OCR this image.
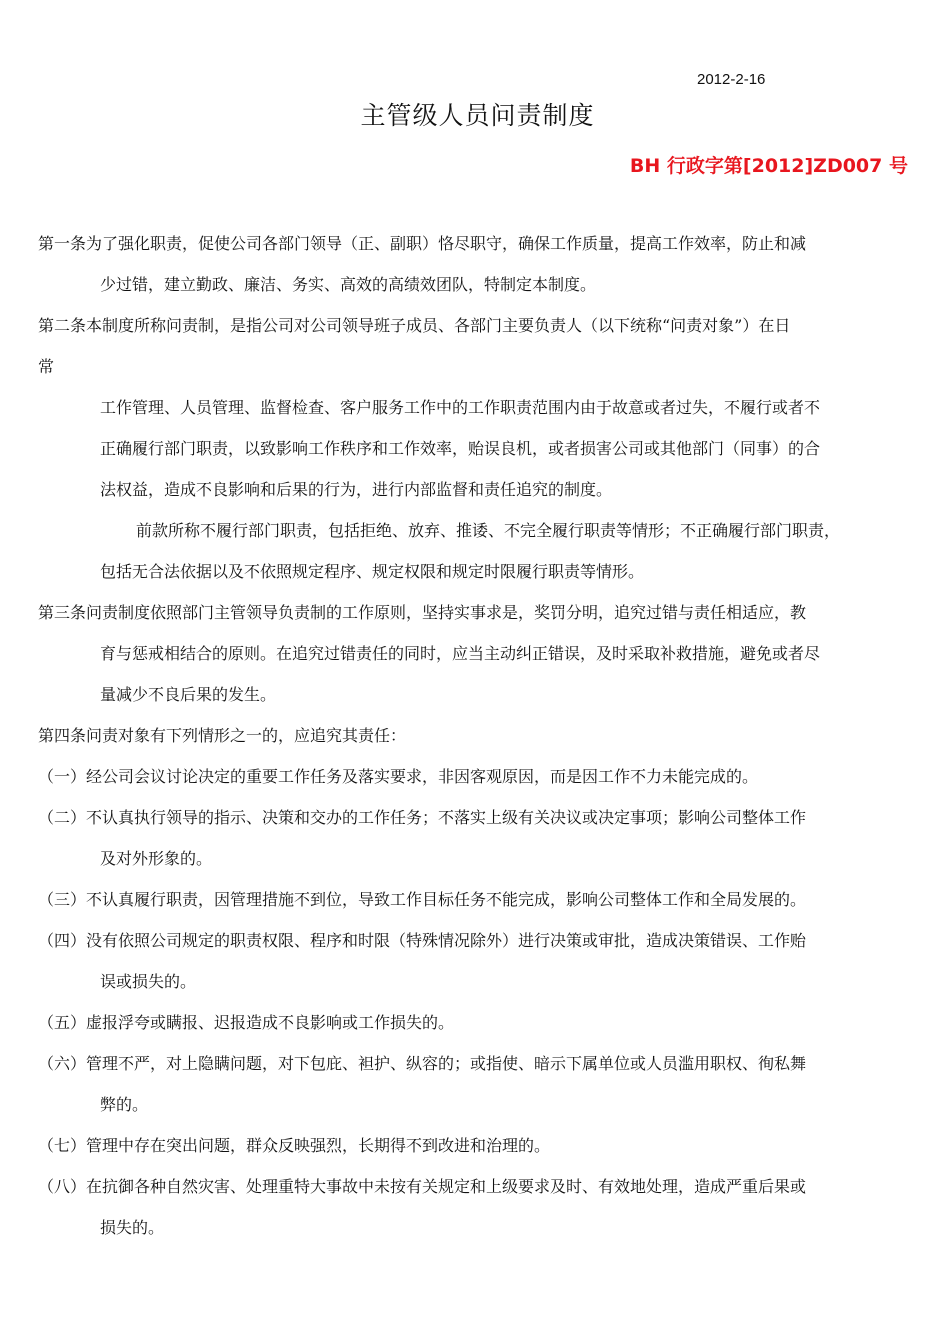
2012-2-16
主管级人员问责制度
BH 行政字第[2012]ZD007 号

第一条为了强化职责，促使公司各部门领导（正、副职）恪尽职守，确保工作质量，提高工作效率，防止和减

少过错，建立勤政、廉洁、务实、高效的高绩效团队，特制定本制度。

第二条本制度所称问责制，是指公司对公司领导班子成员、各部门主要负责人（以下统称“问责对象”）在日

常

工作管理、人员管理、监督检查、客户服务工作中的工作职责范围内由于故意或者过失，不履行或者不

正确履行部门职责，以致影响工作秩序和工作效率，贻误良机，或者损害公司或其他部门（同事）的合

法权益，造成不良影响和后果的行为，进行内部监督和责任追究的制度。

前款所称不履行部门职责，包括拒绝、放弃、推诿、不完全履行职责等情形；不正确履行部门职责，

包括无合法依据以及不依照规定程序、规定权限和规定时限履行职责等情形。

第三条问责制度依照部门主管领导负责制的工作原则，坚持实事求是，奖罚分明，追究过错与责任相适应，教

育与惩戒相结合的原则。在追究过错责任的同时，应当主动纠正错误，及时采取补救措施，避免或者尽

量减少不良后果的发生。

第四条问责对象有下列情形之一的，应追究其责任：

（一）经公司会议讨论决定的重要工作任务及落实要求，非因客观原因，而是因工作不力未能完成的。

（二）不认真执行领导的指示、决策和交办的工作任务；不落实上级有关决议或决定事项；影响公司整体工作

及对外形象的。

（三）不认真履行职责，因管理措施不到位，导致工作目标任务不能完成，影响公司整体工作和全局发展的。

（四）没有依照公司规定的职责权限、程序和时限（特殊情况除外）进行决策或审批，造成决策错误、工作贻

误或损失的。

（五）虚报浮夸或瞒报、迟报造成不良影响或工作损失的。

（六）管理不严，对上隐瞒问题，对下包庇、袒护、纵容的；或指使、暗示下属单位或人员滥用职权、徇私舞

弊的。

（七）管理中存在突出问题，群众反映强烈，长期得不到改进和治理的。

（八）在抗御各种自然灾害、处理重特大事故中未按有关规定和上级要求及时、有效地处理，造成严重后果或

损失的。
